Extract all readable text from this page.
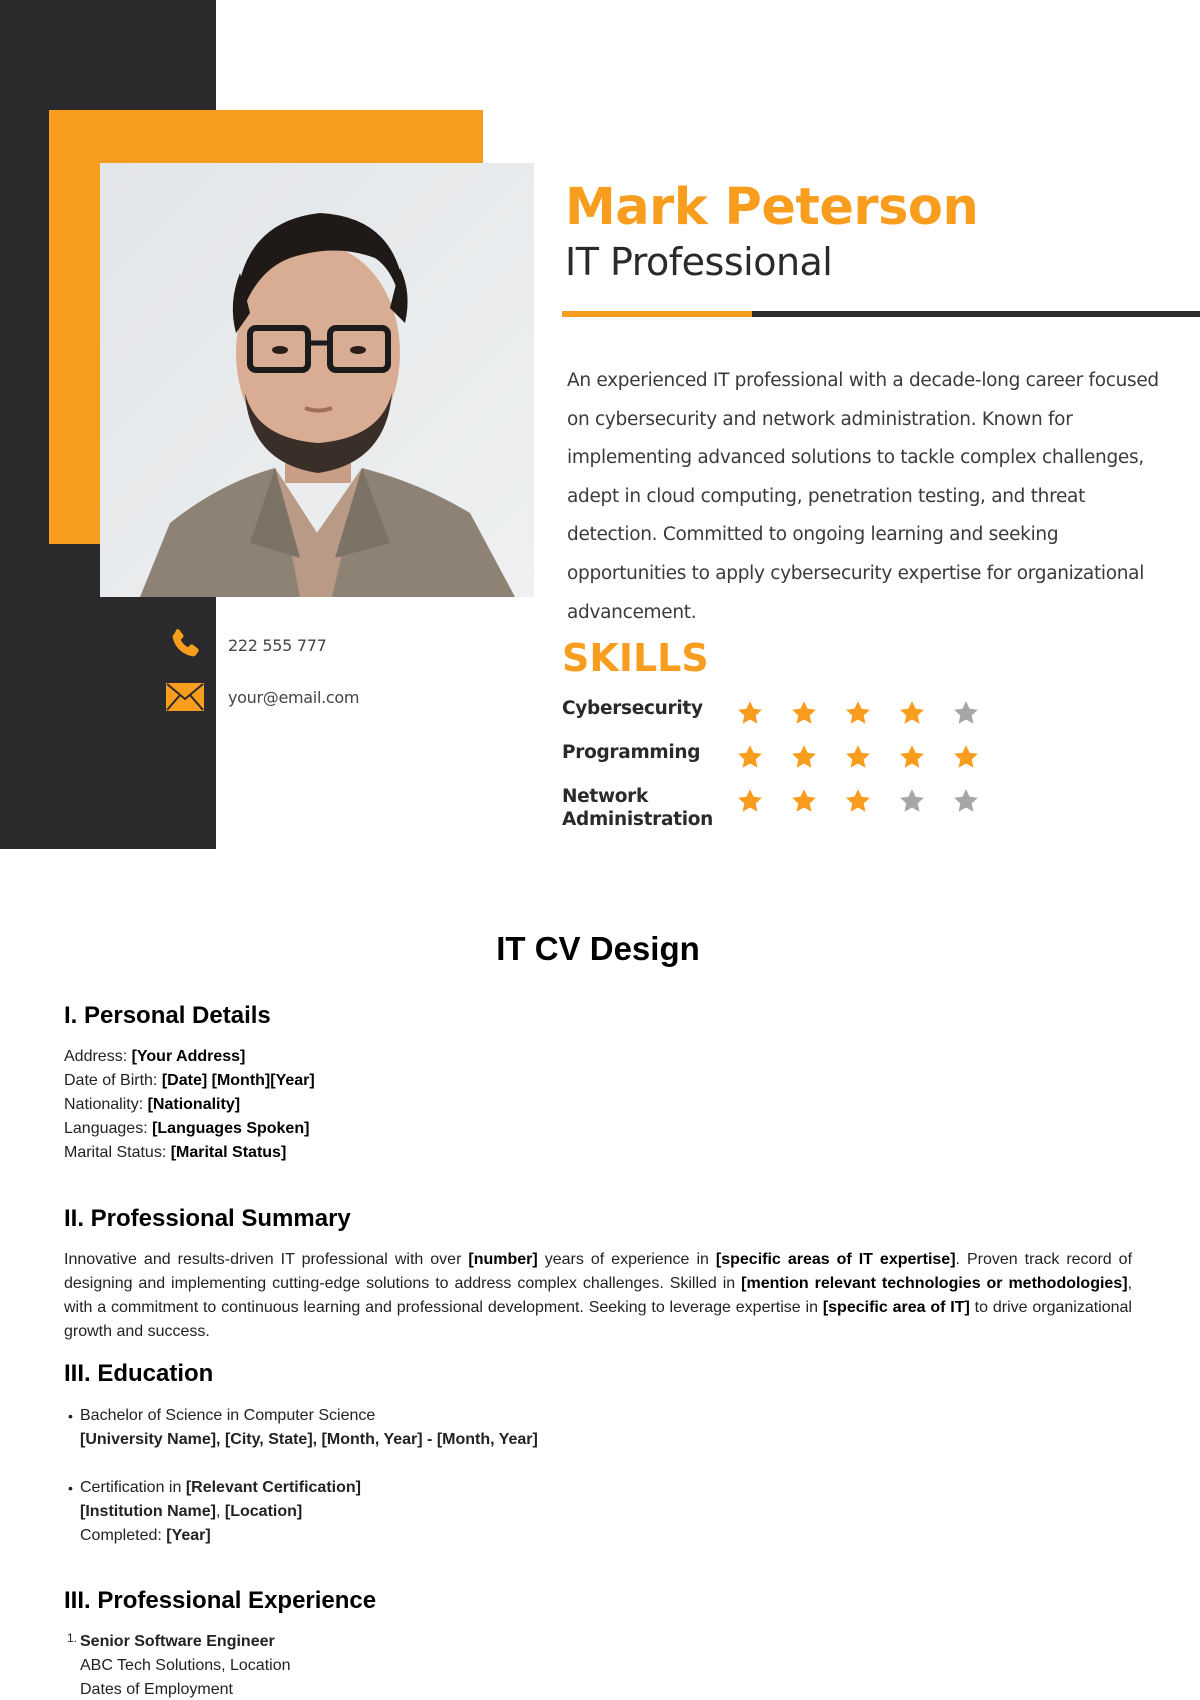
Mark Peterson
IT Professional
An experienced IT professional with a decade-long career focused on cybersecurity and network administration. Known for implementing advanced solutions to tackle complex challenges, adept in cloud computing, penetration testing, and threat detection. Committed to ongoing learning and seeking opportunities to apply cybersecurity expertise for organizational advancement.
222 555 777
your@email.com
SKILLS
Cybersecurity
Programming
Network
Administration
IT CV Design
I. Personal Details
Address: [Your Address]
Date of Birth: [Date] [Month][Year]
Nationality: [Nationality]
Languages: [Languages Spoken]
Marital Status: [Marital Status]
II. Professional Summary
Innovative and results-driven IT professional with over [number] years of experience in [specific areas of IT expertise]. Proven track record of designing and implementing cutting-edge solutions to address complex challenges. Skilled in [mention relevant technologies or methodologies], with a commitment to continuous learning and professional development. Seeking to leverage expertise in [specific area of IT] to drive organizational growth and success.
III. Education
• Bachelor of Science in Computer Science
[University Name], [City, State], [Month, Year] - [Month, Year]
• Certification in [Relevant Certification]
[Institution Name], [Location]
Completed: [Year]
III. Professional Experience
1. Senior Software Engineer
ABC Tech Solutions, Location
Dates of Employment
